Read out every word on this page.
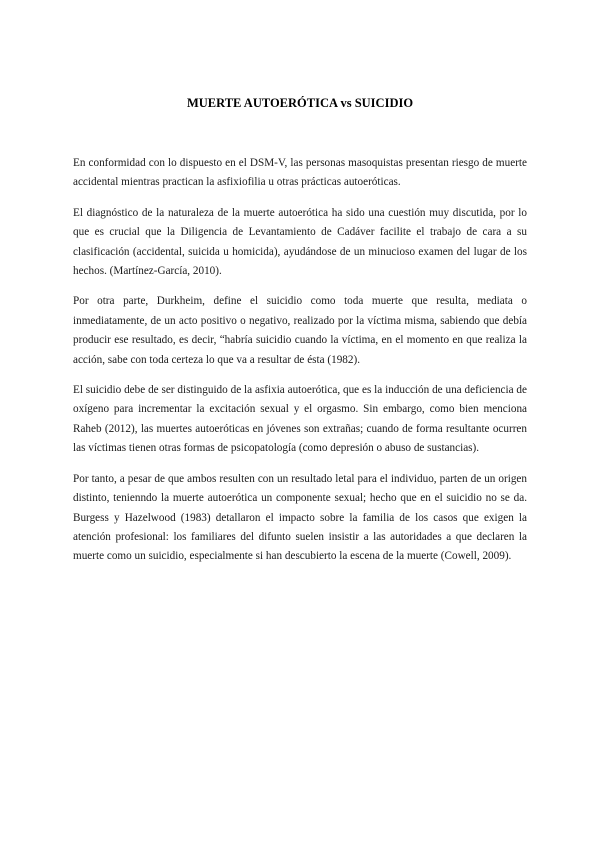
MUERTE AUTOERÓTICA vs SUICIDIO

En conformidad con lo dispuesto en el DSM-V, las personas masoquistas presentan riesgo de muerte accidental mientras practican la asfixiofilia u otras prácticas autoeróticas.

El diagnóstico de la naturaleza de la muerte autoerótica ha sido una cuestión muy discutida, por lo que es crucial que la Diligencia de Levantamiento de Cadáver facilite el trabajo de cara a su clasificación (accidental, suicida u homicida), ayudándose de un minucioso examen del lugar de los hechos. (Martínez-García, 2010).

Por otra parte, Durkheim, define el suicidio como toda muerte que resulta, mediata o inmediatamente, de un acto positivo o negativo, realizado por la víctima misma, sabiendo que debía producir ese resultado, es decir, “habría suicidio cuando la víctima, en el momento en que realiza la acción, sabe con toda certeza lo que va a resultar de ésta (1982).

El suicidio debe de ser distinguido de la asfixia autoerótica, que es la inducción de una deficiencia de oxígeno para incrementar la excitación sexual y el orgasmo. Sin embargo, como bien menciona Raheb (2012), las muertes autoeróticas en jóvenes son extrañas; cuando de forma resultante ocurren las víctimas tienen otras formas de psicopatología (como depresión o abuso de sustancias).

Por tanto, a pesar de que ambos resulten con un resultado letal para el individuo, parten de un origen distinto, tenienndo la muerte autoerótica un componente sexual; hecho que en el suicidio no se da. Burgess y Hazelwood (1983) detallaron el impacto sobre la familia de los casos que exigen la atención profesional: los familiares del difunto suelen insistir a las autoridades a que declaren la muerte como un suicidio, especialmente si han descubierto la escena de la muerte (Cowell, 2009).
